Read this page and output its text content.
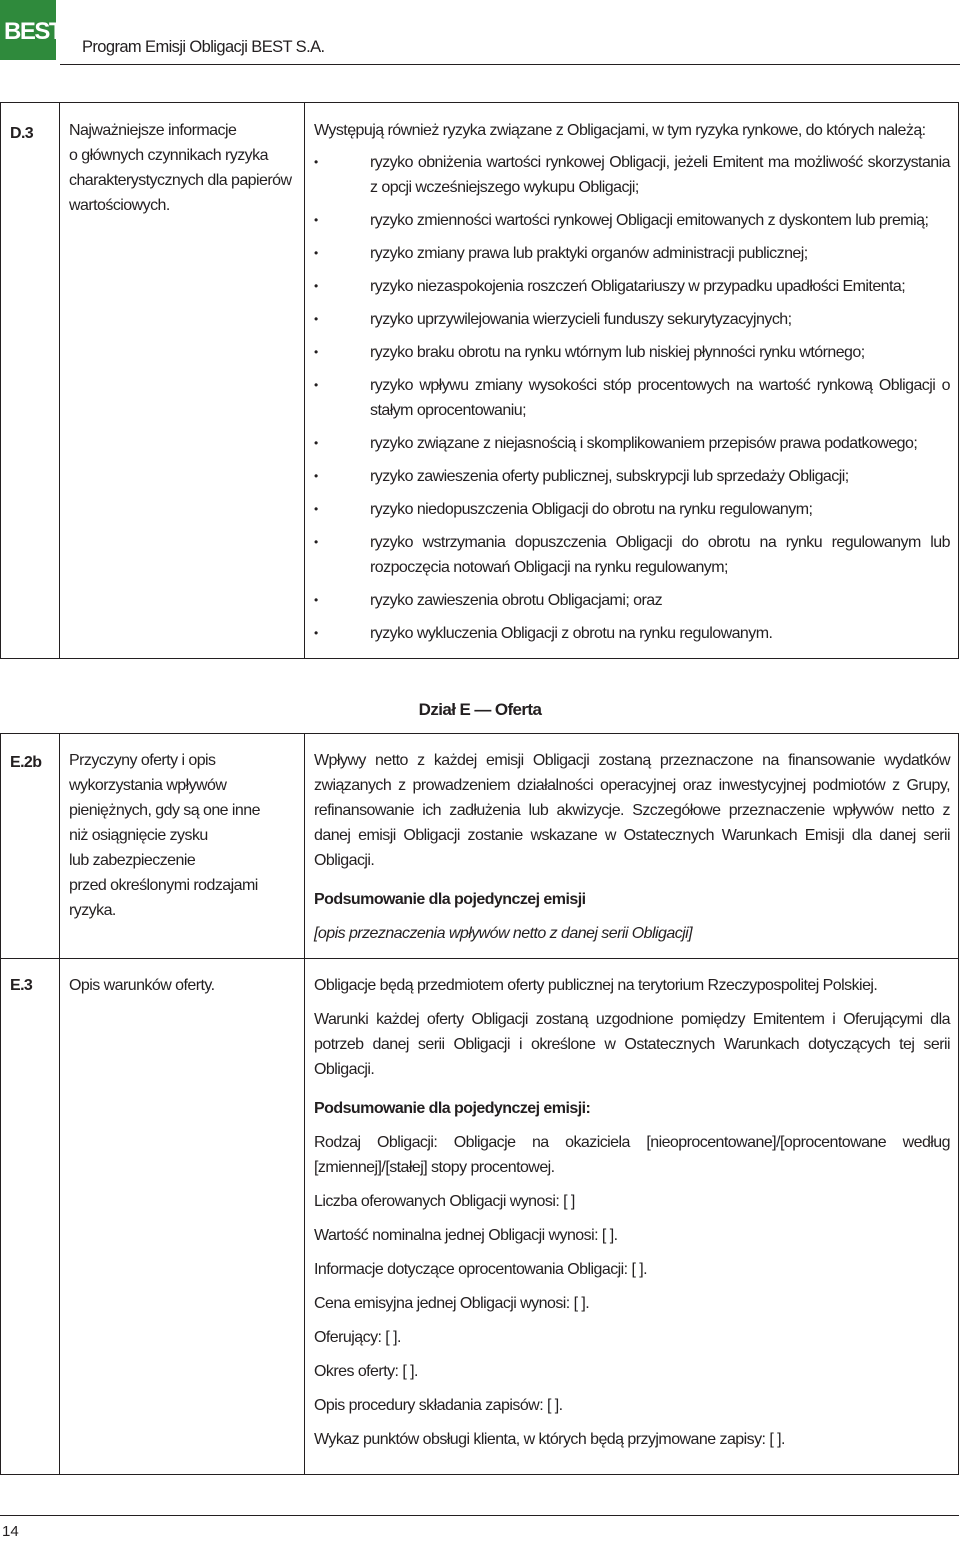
BEST
Program Emisji Obligacji BEST S.A.
D.3 Najważniejsze informacje
o głównych czynnikach ryzyka
charakterystycznych dla papierów
wartościowych.

Występują również ryzyka związane z Obligacjami, w tym ryzyka rynkowe, do których należą:

• ryzyko obniżenia wartości rynkowej Obligacji, jeżeli Emitent ma możliwość skorzystania z opcji wcześniejszego wykupu Obligacji;
• ryzyko zmienności wartości rynkowej Obligacji emitowanych z dyskontem lub premią;
• ryzyko zmiany prawa lub praktyki organów administracji publicznej;
• ryzyko niezaspokojenia roszczeń Obligatariuszy w przypadku upadłości Emitenta;
• ryzyko uprzywilejowania wierzycieli funduszy sekurytyzacyjnych;
• ryzyko braku obrotu na rynku wtórnym lub niskiej płynności rynku wtórnego;
• ryzyko wpływu zmiany wysokości stóp procentowych na wartość rynkową Obligacji o stałym oprocentowaniu;
• ryzyko związane z niejasnością i skomplikowaniem przepisów prawa podatkowego;
• ryzyko zawieszenia oferty publicznej, subskrypcji lub sprzedaży Obligacji;
• ryzyko niedopuszczenia Obligacji do obrotu na rynku regulowanym;
• ryzyko wstrzymania dopuszczenia Obligacji do obrotu na rynku regulowanym lub rozpoczęcia notowań Obligacji na rynku regulowanym;
• ryzyko zawieszenia obrotu Obligacjami; oraz
• ryzyko wykluczenia Obligacji z obrotu na rynku regulowanym.
Dział E — Oferta
E.2b Przyczyny oferty i opis
wykorzystania wpływów
pieniężnych, gdy są one inne
niż osiągnięcie zysku
lub zabezpieczenie
przed określonymi rodzajami
ryzyka.

Wpływy netto z każdej emisji Obligacji zostaną przeznaczone na finansowanie wydatków związanych z prowadzeniem działalności operacyjnej oraz inwestycyjnej podmiotów z Grupy, refinansowanie ich zadłużenia lub akwizycje. Szczegółowe przeznaczenie wpływów netto z danej emisji Obligacji zostanie wskazane w Ostatecznych Warunkach Emisji dla danej serii Obligacji.

Podsumowanie dla pojedynczej emisji

[opis przeznaczenia wpływów netto z danej serii Obligacji]

E.3 Opis warunków oferty.	Obligacje będą przedmiotem oferty publicznej na terytorium Rzeczypospolitej Polskiej.

Warunki każdej oferty Obligacji zostaną uzgodnione pomiędzy Emitentem i Oferującymi dla potrzeb danej serii Obligacji i określone w Ostatecznych Warunkach dotyczących tej serii Obligacji.

Podsumowanie dla pojedynczej emisji:

Rodzaj Obligacji: Obligacje na okaziciela [nieoprocentowane]/[oprocentowane według [zmiennej]/[stałej] stopy procentowej.

Liczba oferowanych Obligacji wynosi: [ ]

Wartość nominalna jednej Obligacji wynosi: [ ].

Informacje dotyczące oprocentowania Obligacji: [ ].

Cena emisyjna jednej Obligacji wynosi: [ ].

Oferujący: [ ].

Okres oferty: [ ].

Opis procedury składania zapisów: [ ].

Wykaz punktów obsługi klienta, w których będą przyjmowane zapisy: [ ].

14
